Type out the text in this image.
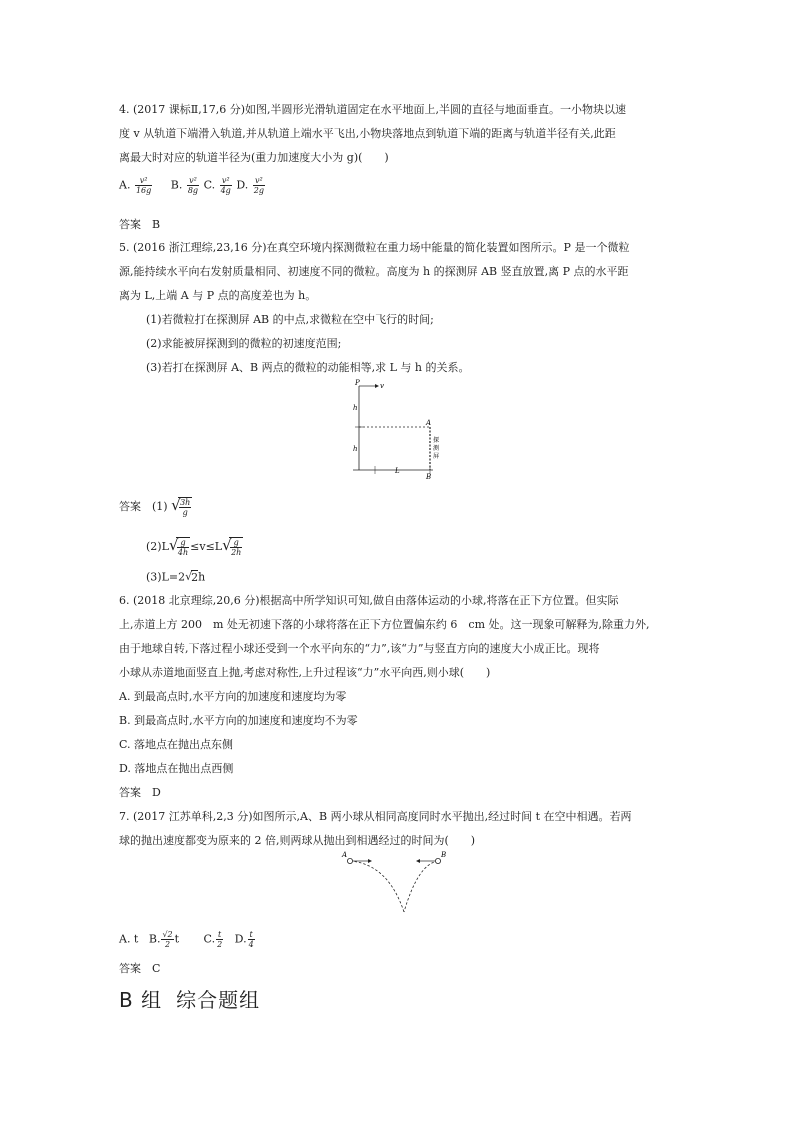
4. (2017 课标Ⅱ,17,6 分)如图,半圆形光滑轨道固定在水平地面上,半圆的直径与地面垂直。一小物块以速
度 v 从轨道下端滑入轨道,并从轨道上端水平飞出,小物块落地点到轨道下端的距离与轨道半径有关,此距
离最大时对应的轨道半径为(重力加速度大小为 g)(　　)
A. $\frac{\text{v²}}{16g} B$. $\frac{\text{v²}}{8g} C$. $\frac{\text{v²}}{4g} D$. $\frac{\text{v²}}{2g}$
答案　B
5. (2016 浙江理综,23,16 分)在真空环境内探测微粒在重力场中能量的简化装置如图所示。P 是一个微粒
源,能持续水平向右发射质量相同、初速度不同的微粒。高度为 h 的探测屏 AB 竖直放置,离 P 点的水平距
离为 L,上端 A 与 P 点的高度差也为 h。
(1)若微粒打在探测屏 AB 的中点,求微粒在空中飞行的时间;
(2)求能被屏探测到的微粒的初速度范围;
(3)若打在探测屏 A、B 两点的微粒的动能相等,求 L 与 h 的关系。
P	v
h
h
A
B
L
探
测
屏
答案　(1) √
$\frac{3h}{g}$
(2)L √
$\frac{g}{4h} \le v\le L$ √
$\frac{g}{2h}$
(3)L=2 √
2h
6. (2018 北京理综,20,6 分)根据高中所学知识可知,做自由落体运动的小球,将落在正下方位置。但实际
上,赤道上方 200　m 处无初速下落的小球将落在正下方位置偏东约 6　cm 处。这一现象可解释为,除重力外,
由于地球自转,下落过程小球还受到一个水平向东的“力”,该“力”与竖直方向的速度大小成正比。现将
小球从赤道地面竖直上抛,考虑对称性,上升过程该“力”水平向西,则小球(　　)
A. 到最高点时,水平方向的加速度和速度均为零
B. 到最高点时,水平方向的加速度和速度均不为零
C. 落地点在抛出点东侧
D. 落地点在抛出点西侧
答案　D
7. (2017 江苏单科,2,3 分)如图所示,A、B 两小球从相同高度同时水平抛出,经过时间 t 在空中相遇。若两
球的抛出速度都变为原来的 2 倍,则两球从抛出到相遇经过的时间为(　　)
A	B
A. t B. $\frac{√2}{2}$ t C. $\frac{t}{2} D$. $\frac{t}{4}$
答案　C
B 组 综合题组
